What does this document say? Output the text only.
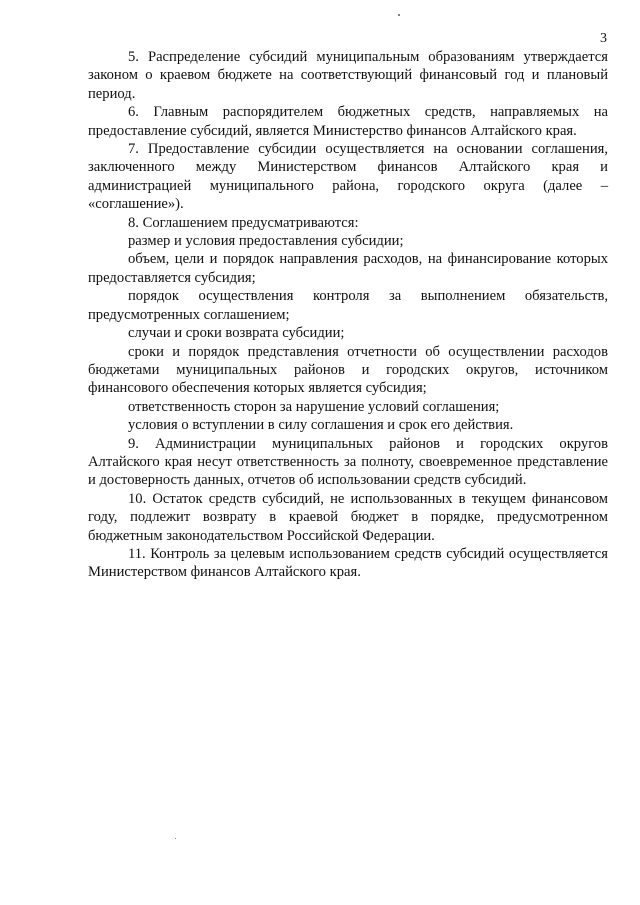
3

5. Распределение субсидий муниципальным образованиям утверждается законом о краевом бюджете на соответствующий финансовый год и плановый период.

6. Главным распорядителем бюджетных средств, направляемых на предоставление субсидий, является Министерство финансов Алтайского края.

7. Предоставление субсидии осуществляется на основании соглашения, заключенного между Министерством финансов Алтайского края и администрацией муниципального района, городского округа (далее – «соглашение»).

8. Соглашением предусматриваются:

размер и условия предоставления субсидии;

объем, цели и порядок направления расходов, на финансирование которых предоставляется субсидия;

порядок осуществления контроля за выполнением обязательств, предусмотренных соглашением;

случаи и сроки возврата субсидии;

сроки и порядок представления отчетности об осуществлении расходов бюджетами муниципальных районов и городских округов, источником финансового обеспечения которых является субсидия;

ответственность сторон за нарушение условий соглашения;

условия о вступлении в силу соглашения и срок его действия.

9. Администрации муниципальных районов и городских округов Алтайского края несут ответственность за полноту, своевременное представление и достоверность данных, отчетов об использовании средств субсидий.

10. Остаток средств субсидий, не использованных в текущем финансовом году, подлежит возврату в краевой бюджет в порядке, предусмотренном бюджетным законодательством Российской Федерации.

11. Контроль за целевым использованием средств субсидий осуществляется Министерством финансов Алтайского края.
